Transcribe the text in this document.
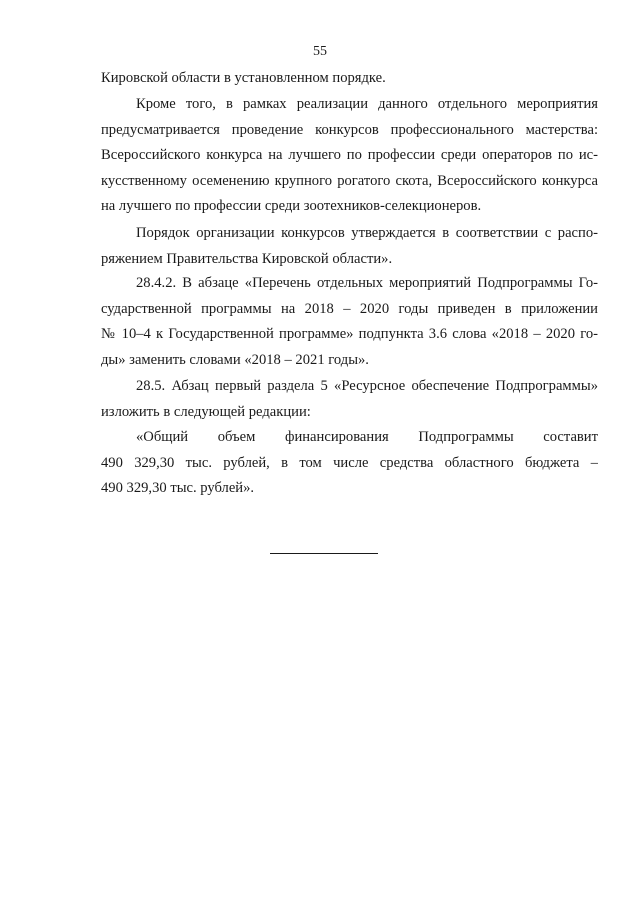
55
Кировской области в установленном порядке.
Кроме того, в рамках реализации данного отдельного мероприятия
предусматривается проведение конкурсов профессионального мастерства:
Всероссийского конкурса на лучшего по профессии среди операторов по ис-
кусственному осеменению крупного рогатого скота, Всероссийского конкурса
на лучшего по профессии среди зоотехников-селекционеров.
Порядок организации конкурсов утверждается в соответствии с распо-
ряжением Правительства Кировской области».
28.4.2. В абзаце «Перечень отдельных мероприятий Подпрограммы Го-
сударственной программы на 2018 – 2020 годы приведен в приложении
№ 10–4 к Государственной программе» подпункта 3.6 слова «2018 – 2020 го-
ды» заменить словами «2018 – 2021 годы».
28.5. Абзац первый раздела 5 «Ресурсное обеспечение Подпрограммы»
изложить в следующей редакции:
«Общий объем финансирования Подпрограммы составит
490 329,30 тыс. рублей, в том числе средства областного бюджета –
490 329,30 тыс. рублей».
